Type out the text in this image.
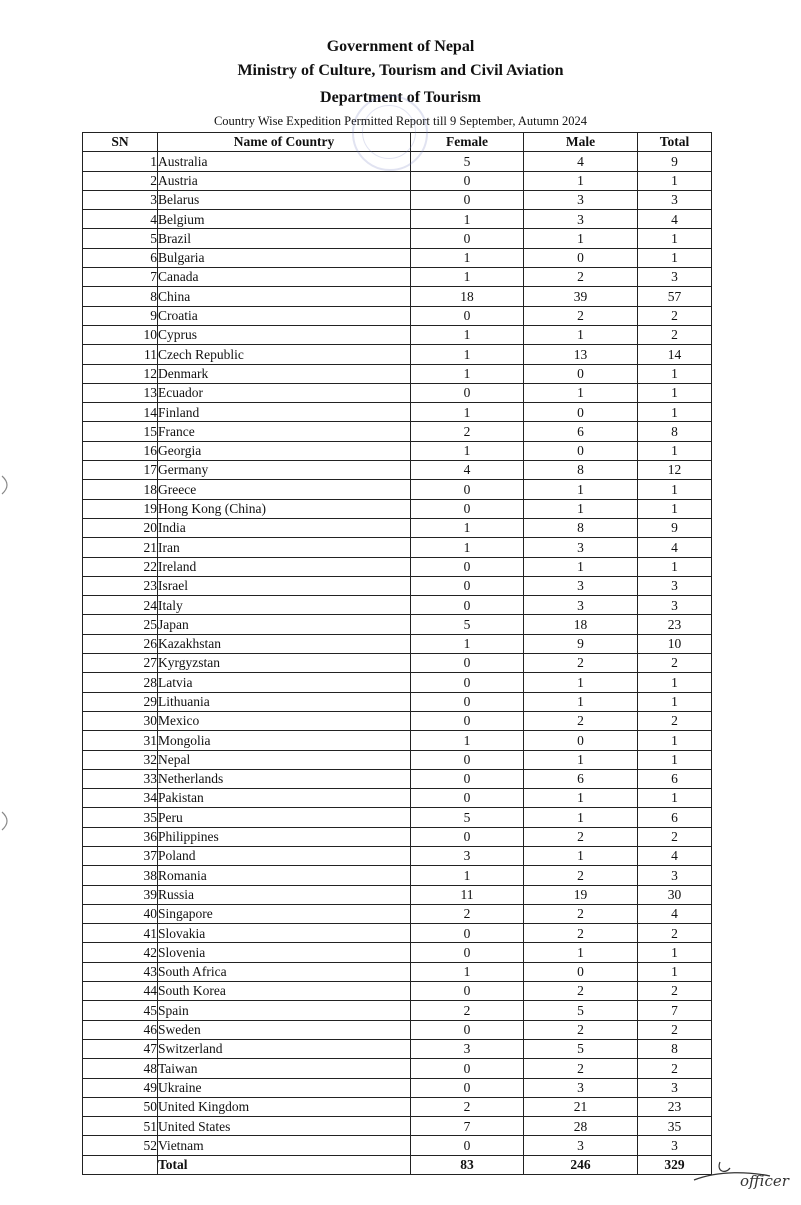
Government of Nepal
Ministry of Culture, Tourism and Civil Aviation
Department of Tourism
Country Wise Expedition Permitted Report till 9 September, Autumn 2024
SN	Name of Country	Female	Male	Total
1	Australia	5	4	9
2	Austria	0	1	1
3	Belarus	0	3	3
4	Belgium	1	3	4
5	Brazil	0	1	1
6	Bulgaria	1	0	1
7	Canada	1	2	3
8	China	18	39	57
9	Croatia	0	2	2
10	Cyprus	1	1	2
11	Czech Republic	1	13	14
12	Denmark	1	0	1
13	Ecuador	0	1	1
14	Finland	1	0	1
15	France	2	6	8
16	Georgia	1	0	1
17	Germany	4	8	12
18	Greece	0	1	1
19	Hong Kong (China)	0	1	1
20	India	1	8	9
21	Iran	1	3	4
22	Ireland	0	1	1
23	Israel	0	3	3
24	Italy	0	3	3
25	Japan	5	18	23
26	Kazakhstan	1	9	10
27	Kyrgyzstan	0	2	2
28	Latvia	0	1	1
29	Lithuania	0	1	1
30	Mexico	0	2	2
31	Mongolia	1	0	1
32	Nepal	0	1	1
33	Netherlands	0	6	6
34	Pakistan	0	1	1
35	Peru	5	1	6
36	Philippines	0	2	2
37	Poland	3	1	4
38	Romania	1	2	3
39	Russia	11	19	30
40	Singapore	2	2	4
41	Slovakia	0	2	2
42	Slovenia	0	1	1
43	South Africa	1	0	1
44	South Korea	0	2	2
45	Spain	2	5	7
46	Sweden	0	2	2
47	Switzerland	3	5	8
48	Taiwan	0	2	2
49	Ukraine	0	3	3
50	United Kingdom	2	21	23
51	United States	7	28	35
52	Vietnam	0	3	3
	Total	83	246	329
officer
